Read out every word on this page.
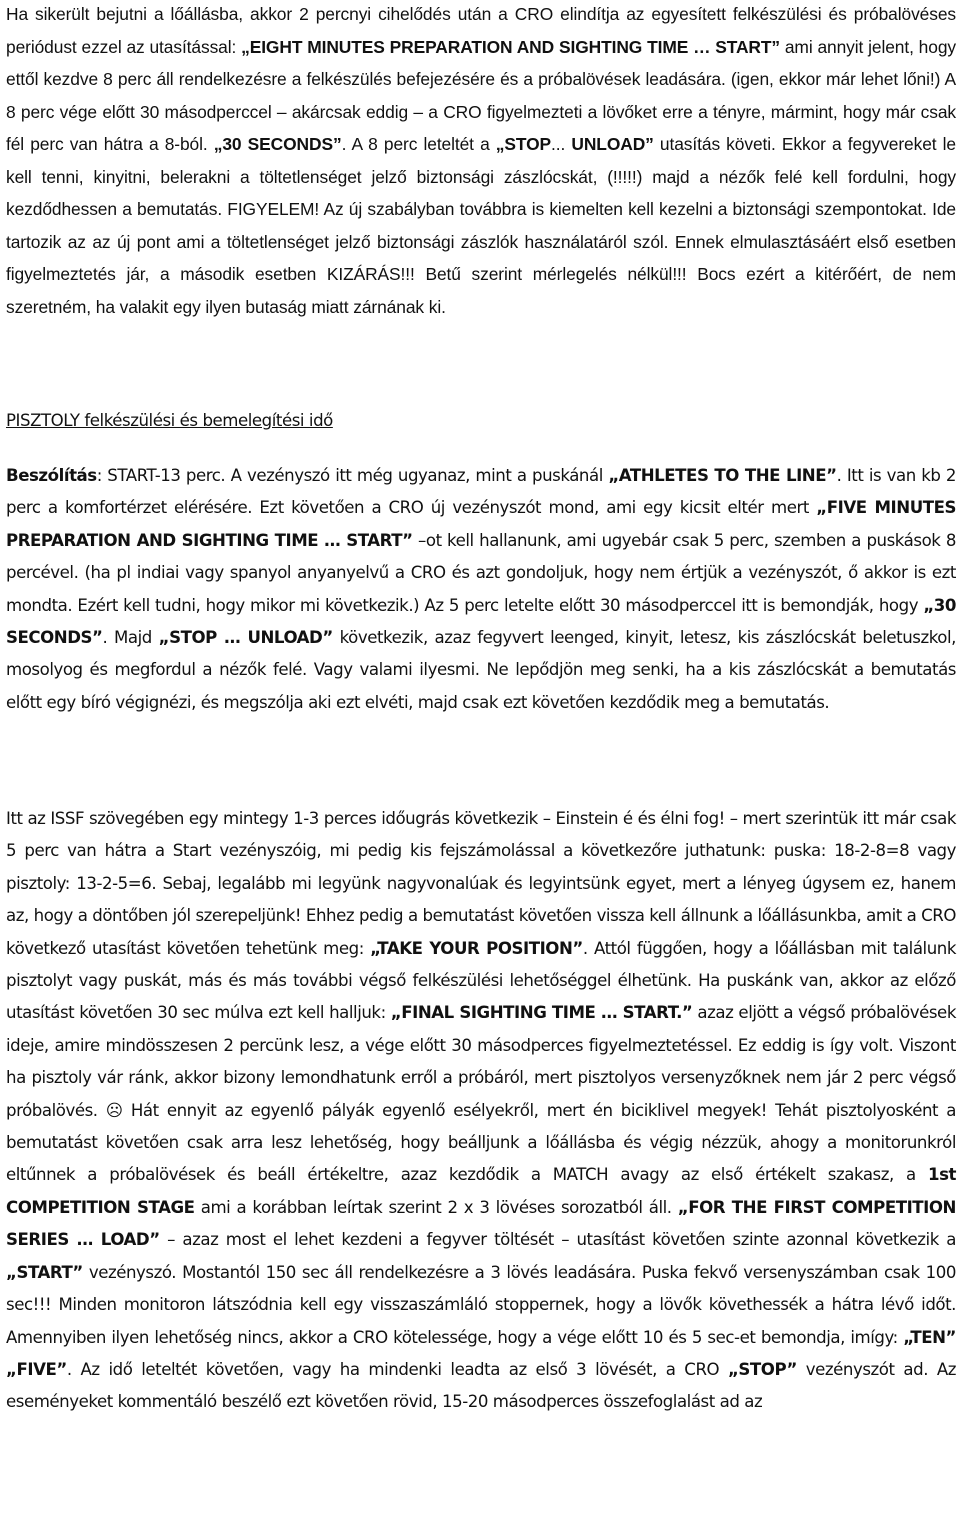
Ha sikerült bejutni a lőállásba, akkor 2 percnyi cihelődés után a CRO elindítja az egyesített felkészülési és próbalövéses periódust ezzel az utasítással: „EIGHT MINUTES PREPARATION AND SIGHTING TIME … START” ami annyit jelent, hogy ettől kezdve 8 perc áll rendelkezésre a felkészülés befejezésére és a próbalövések leadására. (igen, ekkor már lehet lőni!) A 8 perc vége előtt 30 másodperccel – akárcsak eddig – a CRO figyelmezteti a lövőket erre a tényre, mármint, hogy már csak fél perc van hátra a 8-ból. „30 SECONDS”. A 8 perc leteltét a „STOP... UNLOAD” utasítás követi. Ekkor a fegyvereket le kell tenni, kinyitni, belerakni a töltetlenséget jelző biztonsági zászlócskát, (!!!!!) majd a nézők felé kell fordulni, hogy kezdődhessen a bemutatás. FIGYELEM! Az új szabályban továbbra is kiemelten kell kezelni a biztonsági szempontokat. Ide tartozik az az új pont ami a töltetlenséget jelző biztonsági zászlók használatáról szól. Ennek elmulasztásáért első esetben figyelmeztetés jár, a második esetben KIZÁRÁS!!! Betű szerint mérlegelés nélkül!!! Bocs ezért a kitérőért, de nem szeretném, ha valakit egy ilyen butaság miatt zárnának ki.

PISZTOLY felkészülési és bemelegítési idő

Beszólítás: START-13 perc. A vezényszó itt még ugyanaz, mint a puskánál „ATHLETES TO THE LINE”. Itt is van kb 2 perc a komfortérzet elérésére. Ezt követően a CRO új vezényszót mond, ami egy kicsit eltér mert „FIVE MINUTES PREPARATION AND SIGHTING TIME … START” –ot kell hallanunk, ami ugyebár csak 5 perc, szemben a puskások 8 percével. (ha pl indiai vagy spanyol anyanyelvű a CRO és azt gondoljuk, hogy nem értjük a vezényszót, ő akkor is ezt mondta. Ezért kell tudni, hogy mikor mi következik.) Az 5 perc letelte előtt 30 másodperccel itt is bemondják, hogy „30 SECONDS”. Majd „STOP … UNLOAD” következik, azaz fegyvert leenged, kinyit, letesz, kis zászlócskát beletuszkol, mosolyog és megfordul a nézők felé. Vagy valami ilyesmi. Ne lepődjön meg senki, ha a kis zászlócskát a bemutatás előtt egy bíró végignézi, és megszólja aki ezt elvéti, majd csak ezt követően kezdődik meg a bemutatás.

Itt az ISSF szövegében egy mintegy 1-3 perces időugrás következik – Einstein é és élni fog! – mert szerintük itt már csak 5 perc van hátra a Start vezényszóig, mi pedig kis fejszámolással a következőre juthatunk: puska: 18-2-8=8 vagy pisztoly: 13-2-5=6. Sebaj, legalább mi legyünk nagyvonalúak és legyintsünk egyet, mert a lényeg úgysem ez, hanem az, hogy a döntőben jól szerepeljünk! Ehhez pedig a bemutatást követően vissza kell állnunk a lőállásunkba, amit a CRO következő utasítást követően tehetünk meg: „TAKE YOUR POSITION”. Attól függően, hogy a lőállásban mit találunk pisztolyt vagy puskát, más és más további végső felkészülési lehetőséggel élhetünk. Ha puskánk van, akkor az előző utasítást követően 30 sec múlva ezt kell halljuk: „FINAL SIGHTING TIME … START.” azaz eljött a végső próbalövések ideje, amire mindösszesen 2 percünk lesz, a vége előtt 30 másodperces figyelmeztetéssel. Ez eddig is így volt. Viszont ha pisztoly vár ránk, akkor bizony lemondhatunk erről a próbáról, mert pisztolyos versenyzőknek nem jár 2 perc végső próbalövés. ☹ Hát ennyit az egyenlő pályák egyenlő esélyekről, mert én biciklivel megyek! Tehát pisztolyosként a bemutatást követően csak arra lesz lehetőség, hogy beálljunk a lőállásba és végig nézzük, ahogy a monitorunkról eltűnnek a próbalövések és beáll értékeltre, azaz kezdődik a MATCH avagy az első értékelt szakasz, a 1st COMPETITION STAGE ami a korábban leírtak szerint 2 x 3 lövéses sorozatból áll. „FOR THE FIRST COMPETITION SERIES … LOAD” – azaz most el lehet kezdeni a fegyver töltését – utasítást követően szinte azonnal következik a „START” vezényszó. Mostantól 150 sec áll rendelkezésre a 3 lövés leadására. Puska fekvő versenyszámban csak 100 sec!!! Minden monitoron látszódnia kell egy visszaszámláló stoppernek, hogy a lövők követhessék a hátra lévő időt. Amennyiben ilyen lehetőség nincs, akkor a CRO kötelessége, hogy a vége előtt 10 és 5 sec-et bemondja, imígy: „TEN” „FIVE”. Az idő leteltét követően, vagy ha mindenki leadta az első 3 lövését, a CRO „STOP” vezényszót ad. Az eseményeket kommentáló beszélő ezt követően rövid, 15-20 másodperces összefoglalást ad az
